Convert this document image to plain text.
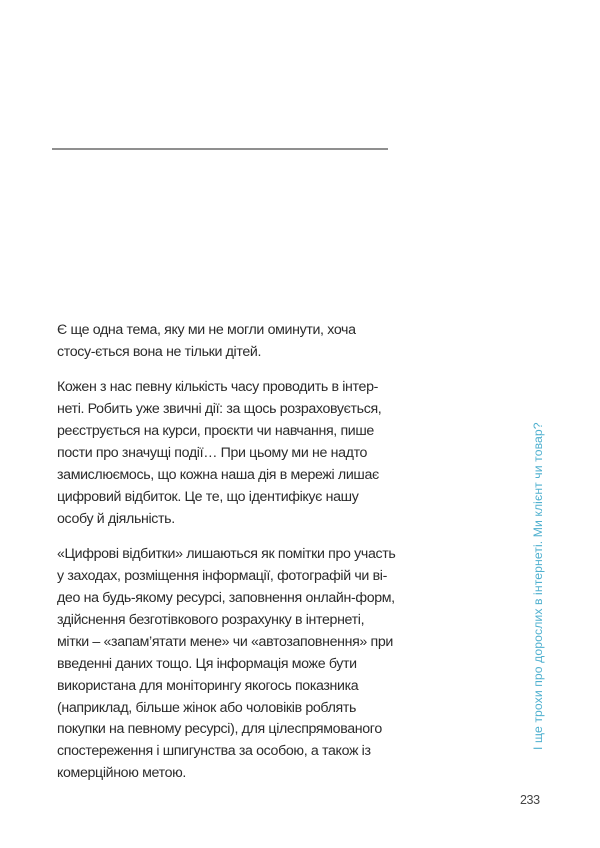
Є ще одна тема, яку ми не могли оминути, хоча стосу-ється вона не тільки дітей.

Кожен з нас певну кількість часу проводить в інтер-неті. Робить уже звичні дії: за щось розраховується, реєструється на курси, проєкти чи навчання, пише пости про значущі події… При цьому ми не надто замислюємось, що кожна наша дія в мережі лишає цифровий відбиток. Це те, що ідентифікує нашу особу й діяльність.

«Цифрові відбитки» лишаються як помітки про участь у заходах, розміщення інформації, фотографій чи ві-део на будь-якому ресурсі, заповнення онлайн-форм, здійснення безготівкового розрахунку в інтернеті, мітки – «запам’ятати мене» чи «автозаповнення» при введенні даних тощо. Ця інформація може бути використана для моніторингу якогось показника (наприклад, більше жінок або чоловіків роблять покупки на певному ресурсі), для цілеспрямованого спостереження і шпигунства за особою, а також із комерційною метою.

І ще трохи про дорослих в інтернеті. Ми клієнт чи товар?
233
